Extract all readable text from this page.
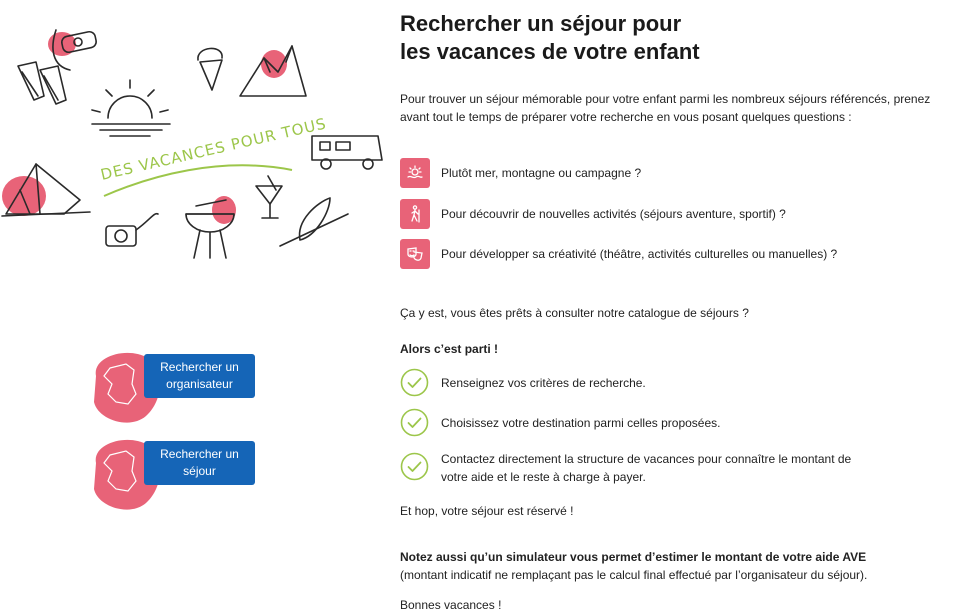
DES VACANCES POUR TOUS
Rechercher un organisateur
Rechercher un séjour
Rechercher un séjour pour
les vacances de votre enfant

Pour trouver un séjour mémorable pour votre enfant parmi les nombreux séjours référencés, prenez avant tout le temps de préparer votre recherche en vous posant quelques questions :

Plutôt mer, montagne ou campagne ?
Pour découvrir de nouvelles activités (séjours aventure, sportif) ?
Pour développer sa créativité (théâtre, activités culturelles ou manuelles) ?

Ça y est, vous êtes prêts à consulter notre catalogue de séjours ?

Alors c’est parti !

Renseignez vos critères de recherche.
Choisissez votre destination parmi celles proposées.
Contactez directement la structure de vacances pour connaître le montant de votre aide et le reste à charge à payer.

Et hop, votre séjour est réservé !

Notez aussi qu’un simulateur vous permet d’estimer le montant de votre aide AVE (montant indicatif ne remplaçant pas le calcul final effectué par l’organisateur du séjour).

Bonnes vacances !
